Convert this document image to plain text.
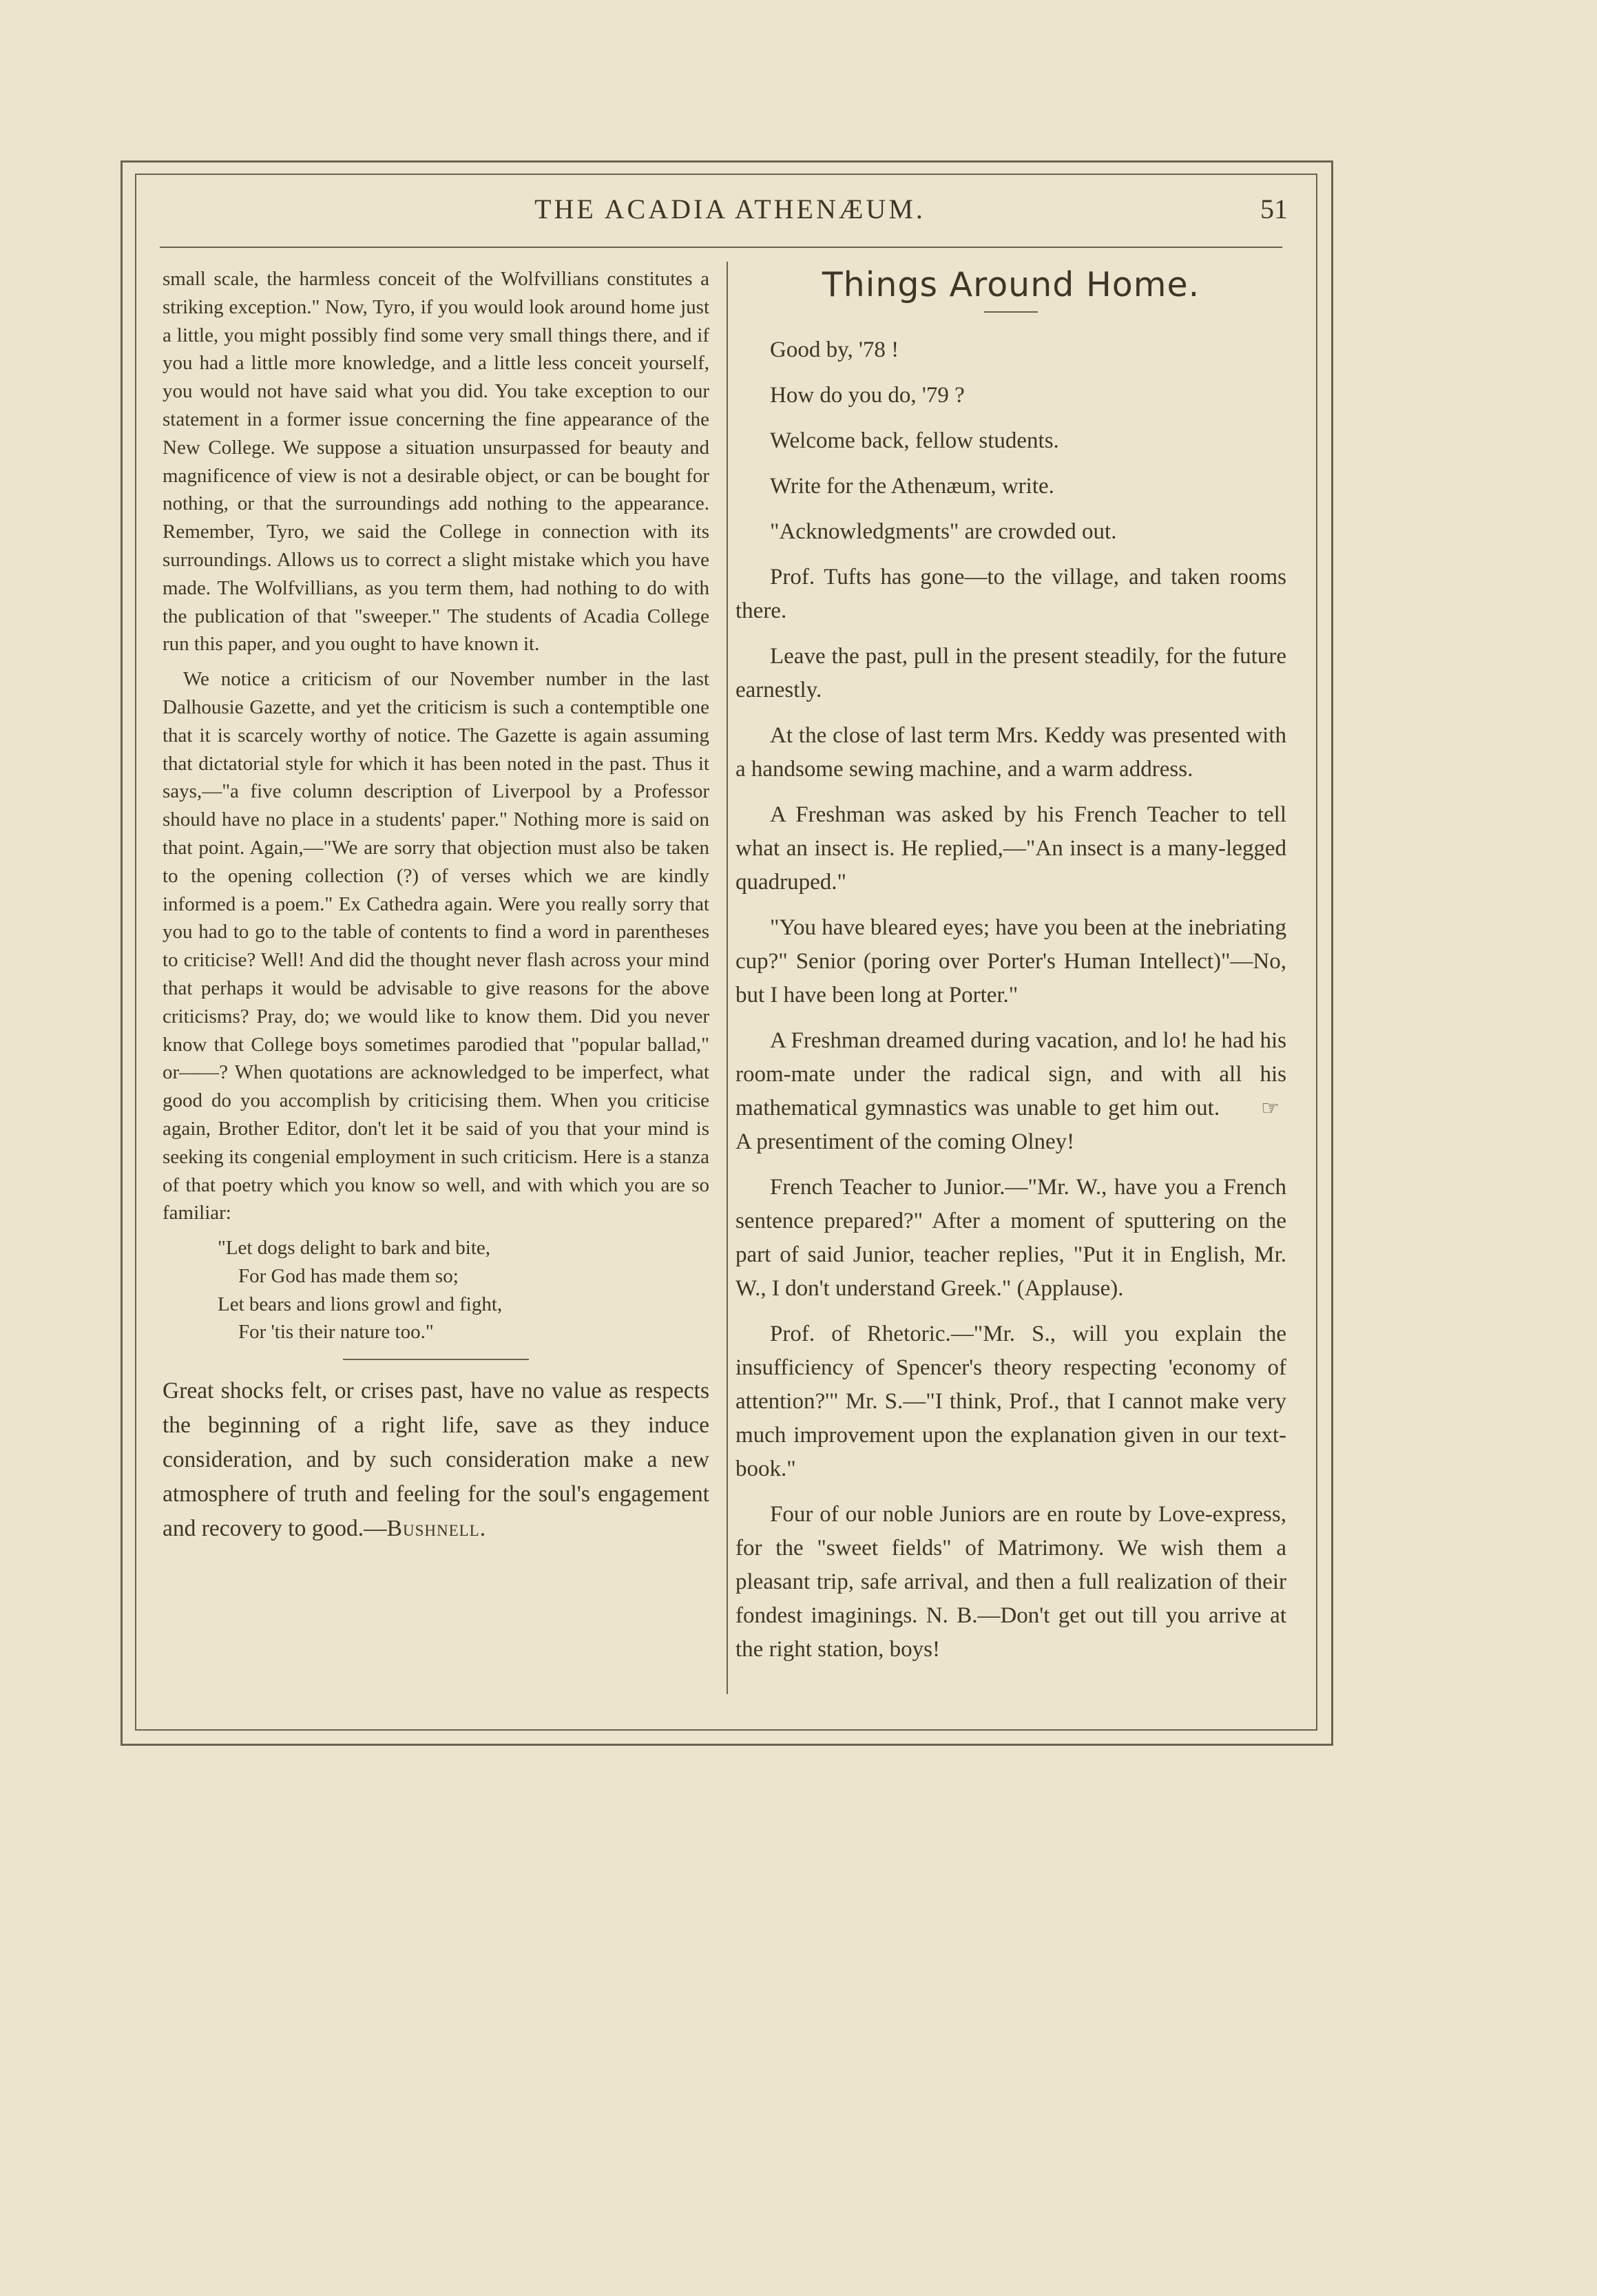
THE ACADIA ATHENÆUM.	51

small scale, the harmless conceit of the Wolfvillians constitutes a striking exception." Now, Tyro, if you would look around home just a little, you might possibly find some very small things there, and if you had a little more knowledge, and a little less conceit yourself, you would not have said what you did. You take exception to our statement in a former issue concerning the fine appearance of the New College. We suppose a situation unsurpassed for beauty and magnificence of view is not a desirable object, or can be bought for nothing, or that the surroundings add nothing to the appearance. Remember, Tyro, we said the College in connection with its surroundings. Allows us to correct a slight mistake which you have made. The Wolfvillians, as you term them, had nothing to do with the publication of that "sweeper." The students of Acadia College run this paper, and you ought to have known it.

We notice a criticism of our November number in the last Dalhousie Gazette, and yet the criticism is such a contemptible one that it is scarcely worthy of notice. The Gazette is again assuming that dictatorial style for which it has been noted in the past. Thus it says,—"a five column description of Liverpool by a Professor should have no place in a students' paper." Nothing more is said on that point. Again,—"We are sorry that objection must also be taken to the opening collection (?) of verses which we are kindly informed is a poem." Ex Cathedra again. Were you really sorry that you had to go to the table of contents to find a word in parentheses to criticise? Well! And did the thought never flash across your mind that perhaps it would be advisable to give reasons for the above criticisms? Pray, do; we would like to know them. Did you never know that College boys sometimes parodied that "popular ballad," or——? When quotations are acknowledged to be imperfect, what good do you accomplish by criticising them. When you criticise again, Brother Editor, don't let it be said of you that your mind is seeking its congenial employment in such criticism. Here is a stanza of that poetry which you know so well, and with which you are so familiar:

"Let dogs delight to bark and bite,
For God has made them so;
Let bears and lions growl and fight,
For 'tis their nature too."

Great shocks felt, or crises past, have no value as respects the beginning of a right life, save as they induce consideration, and by such consideration make a new atmosphere of truth and feeling for the soul's engagement and recovery to good.—Bushnell.

Things Around Home.

Good by, '78 !

How do you do, '79 ?

Welcome back, fellow students.

Write for the Athenæum, write.

"Acknowledgments" are crowded out.

Prof. Tufts has gone—to the village, and taken rooms there.

Leave the past, pull in the present steadily, for the future earnestly.

At the close of last term Mrs. Keddy was presented with a handsome sewing machine, and a warm address.

A Freshman was asked by his French Teacher to tell what an insect is. He replied,—"An insect is a many-legged quadruped."

"You have bleared eyes; have you been at the inebriating cup?" Senior (poring over Porter's Human Intellect)"—No, but I have been long at Porter."

A Freshman dreamed during vacation, and lo! he had his room-mate under the radical sign, and with all his mathematical gymnastics was unable to get him out. ☞A presentiment of the coming Olney!

French Teacher to Junior.—"Mr. W., have you a French sentence prepared?" After a moment of sputtering on the part of said Junior, teacher replies, "Put it in English, Mr. W., I don't understand Greek." (Applause).

Prof. of Rhetoric.—"Mr. S., will you explain the insufficiency of Spencer's theory respecting 'economy of attention?'" Mr. S.—"I think, Prof., that I cannot make very much improvement upon the explanation given in our text-book."

Four of our noble Juniors are en route by Love-express, for the "sweet fields" of Matrimony. We wish them a pleasant trip, safe arrival, and then a full realization of their fondest imaginings. N. B.—Don't get out till you arrive at the right station, boys!
